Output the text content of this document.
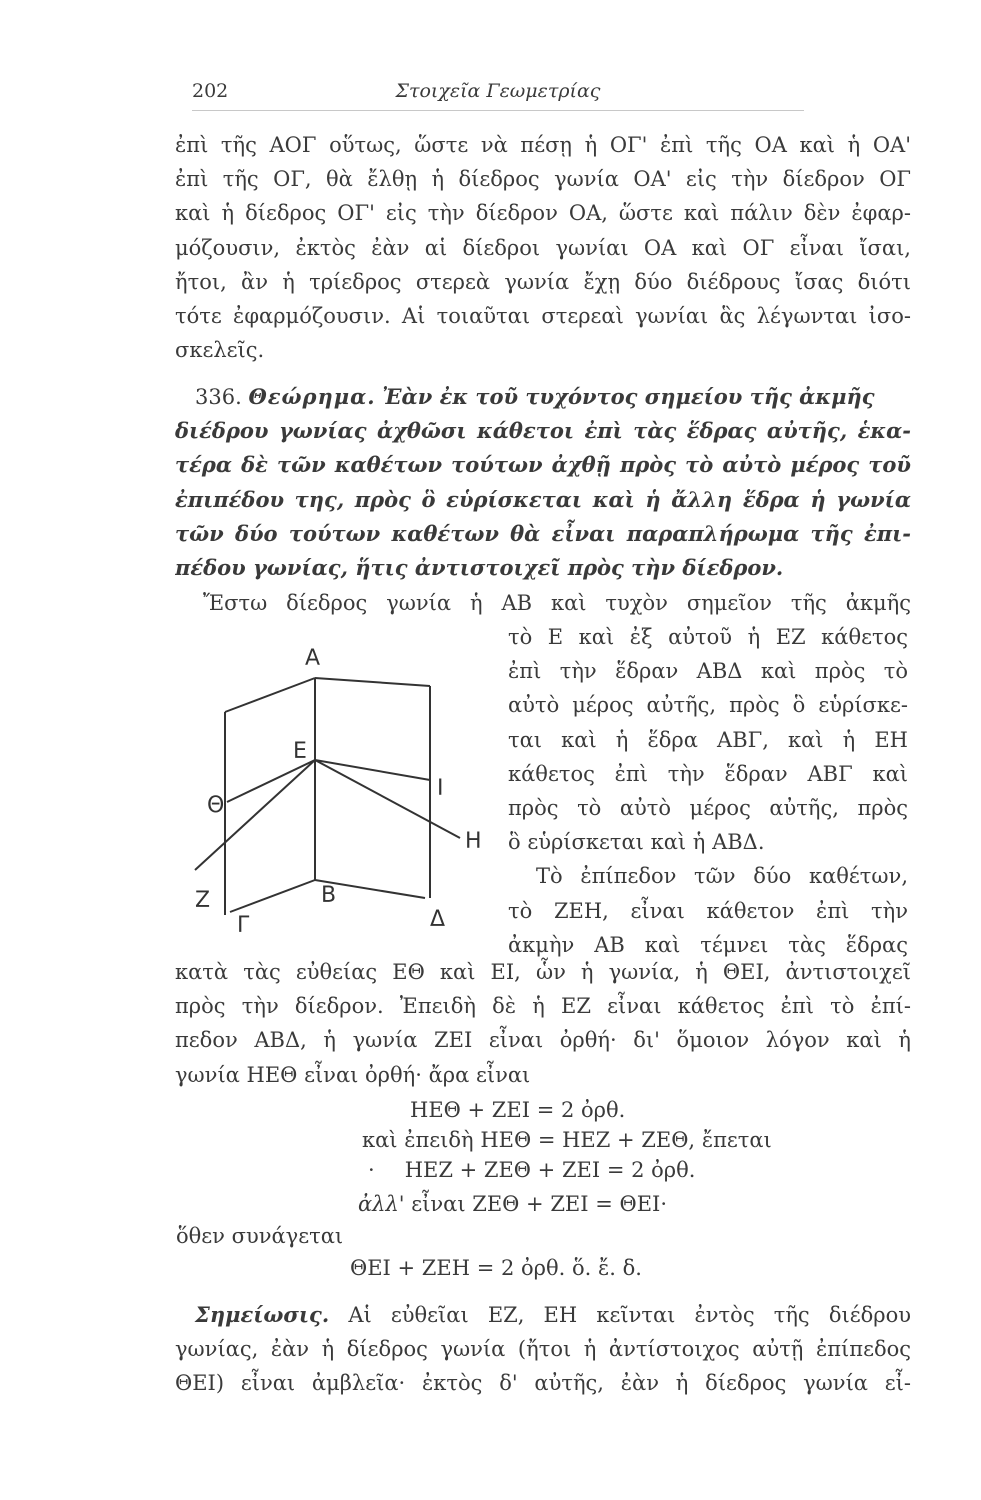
202	Στοιχεῖα Γεωμετρίας
ἐπὶ τῆς ΑΟΓ οὕτως, ὥστε νὰ πέσῃ ἡ ΟΓ' ἐπὶ τῆς ΟΑ καὶ ἡ ΟΑ'
ἐπὶ τῆς ΟΓ, θὰ ἔλθῃ ἡ δίεδρος γωνία ΟΑ' εἰς τὴν δίεδρον ΟΓ
καὶ ἡ δίεδρος ΟΓ' εἰς τὴν δίεδρον ΟΑ, ὥστε καὶ πάλιν δὲν ἐφαρ-
μόζουσιν, ἐκτὸς ἐὰν αἱ δίεδροι γωνίαι ΟΑ καὶ ΟΓ εἶναι ἴσαι,
ἤτοι, ἂν ἡ τρίεδρος στερεὰ γωνία ἔχῃ δύο διέδρους ἴσας διότι
τότε ἐφαρμόζουσιν. Αἱ τοιαῦται στερεαὶ γωνίαι ἃς λέγωνται ἰσο-
σκελεῖς.
336. Θεώρημα. Ἐὰν ἐκ τοῦ τυχόντος σημείου τῆς ἀκμῆς
διέδρου γωνίας ἀχθῶσι κάθετοι ἐπὶ τὰς ἕδρας αὐτῆς, ἑκα-
τέρα δὲ τῶν καθέτων τούτων ἀχθῇ πρὸς τὸ αὐτὸ μέρος τοῦ
ἐπιπέδου της, πρὸς ὃ εὑρίσκεται καὶ ἡ ἄλλη ἕδρα ἡ γωνία
τῶν δύο τούτων καθέτων θὰ εἶναι παραπλήρωμα τῆς ἐπι-
πέδου γωνίας, ἥτις ἀντιστοιχεῖ πρὸς τὴν δίεδρον.
Ἔστω δίεδρος γωνία ἡ ΑΒ καὶ τυχὸν σημεῖον τῆς ἀκμῆς
Α
Ε
Ι
Θ
Η
Ζ	Β
Δ
Γ
τὸ Ε καὶ ἐξ αὐτοῦ ἡ ΕΖ κάθετος
ἐπὶ τὴν ἕδραν ΑΒΔ καὶ πρὸς τὸ
αὐτὸ μέρος αὐτῆς, πρὸς ὃ εὑρίσκε-
ται καὶ ἡ ἕδρα ΑΒΓ, καὶ ἡ ΕΗ
κάθετος ἐπὶ τὴν ἕδραν ΑΒΓ καὶ
πρὸς τὸ αὐτὸ μέρος αὐτῆς, πρὸς
ὃ εὑρίσκεται καὶ ἡ ΑΒΔ.
Τὸ ἐπίπεδον τῶν δύο καθέτων,
τὸ ΖΕΗ, εἶναι κάθετον ἐπὶ τὴν
ἀκμὴν ΑΒ καὶ τέμνει τὰς ἕδρας
κατὰ τὰς εὐθείας ΕΘ καὶ ΕΙ, ὧν ἡ γωνία, ἡ ΘΕΙ, ἀντιστοιχεῖ
πρὸς τὴν δίεδρον. Ἐπειδὴ δὲ ἡ ΕΖ εἶναι κάθετος ἐπὶ τὸ ἐπί-
πεδον ΑΒΔ, ἡ γωνία ΖΕΙ εἶναι ὀρθή· δι' ὅμοιον λόγον καὶ ἡ
γωνία ΗΕΘ εἶναι ὀρθή· ἄρα εἶναι
ΗΕΘ + ΖΕΙ = 2 ὀρθ.
καὶ ἐπειδὴ ΗΕΘ = ΗΕΖ + ΖΕΘ, ἔπεται
· ΗΕΖ + ΖΕΘ + ΖΕΙ = 2 ὀρθ.
ἀλλ' εἶναι ΖΕΘ + ΖΕΙ = ΘΕΙ·
ὅθεν συνάγεται
ΘΕΙ + ΖΕΗ = 2 ὀρθ. ὅ. ἔ. δ.
Σημείωσις. Αἱ εὐθεῖαι ΕΖ, ΕΗ κεῖνται ἐντὸς τῆς διέδρου
γωνίας, ἐὰν ἡ δίεδρος γωνία (ἤτοι ἡ ἀντίστοιχος αὐτῇ ἐπίπεδος
ΘΕΙ) εἶναι ἀμβλεῖα· ἐκτὸς δ' αὐτῆς, ἐὰν ἡ δίεδρος γωνία εἶ-
